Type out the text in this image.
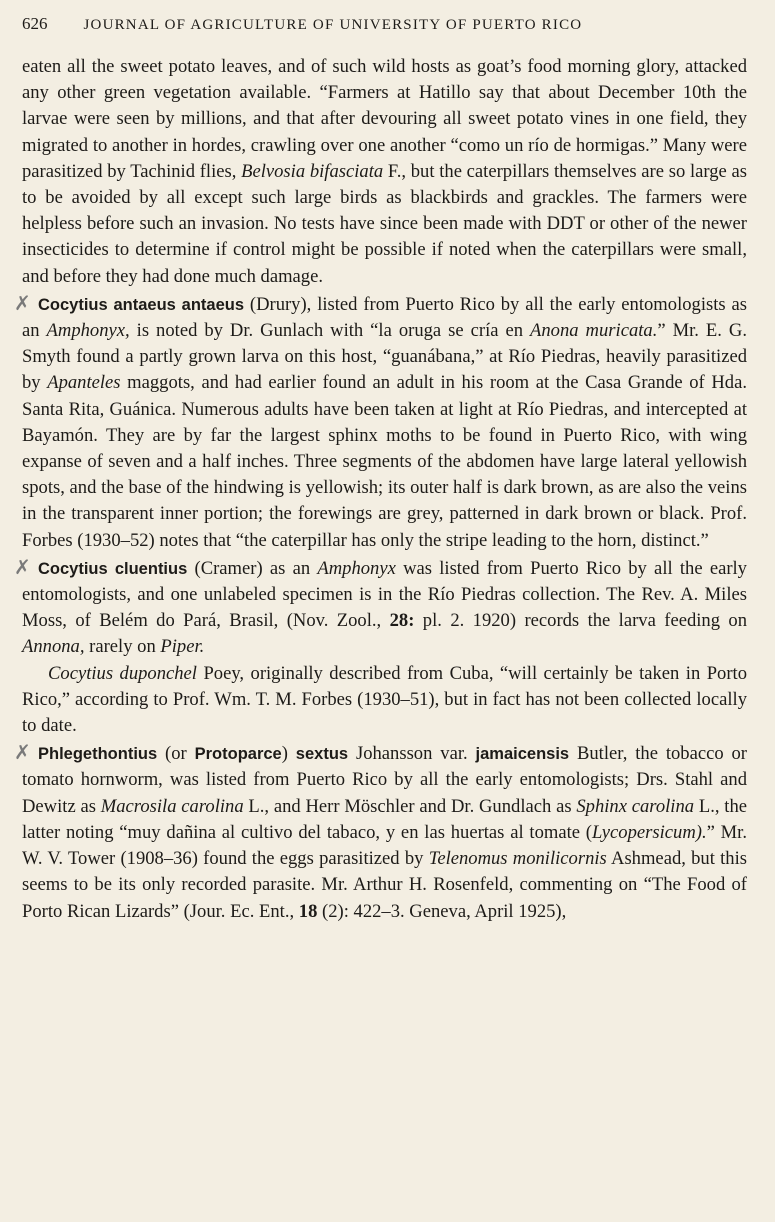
626 JOURNAL OF AGRICULTURE OF UNIVERSITY OF PUERTO RICO

eaten all the sweet potato leaves, and of such wild hosts as goat’s food morning glory, attacked any other green vegetation available. “Farmers at Hatillo say that about December 10th the larvae were seen by millions, and that after devouring all sweet potato vines in one field, they migrated to another in hordes, crawling over one another “como un río de hormigas.” Many were parasitized by Tachinid flies, Belvosia bifasciata F., but the caterpillars themselves are so large as to be avoided by all except such large birds as blackbirds and grackles. The farmers were helpless before such an invasion. No tests have since been made with DDT or other of the newer insecticides to determine if control might be possible if noted when the caterpillars were small, and before they had done much damage.

✗ Cocytius antaeus antaeus (Drury), listed from Puerto Rico by all the early entomologists as an Amphonyx, is noted by Dr. Gunlach with “la oruga se cría en Anona muricata.” Mr. E. G. Smyth found a partly grown larva on this host, “guanábana,” at Río Piedras, heavily parasitized by Apanteles maggots, and had earlier found an adult in his room at the Casa Grande of Hda. Santa Rita, Guánica. Numerous adults have been taken at light at Río Piedras, and intercepted at Bayamón. They are by far the largest sphinx moths to be found in Puerto Rico, with wing expanse of seven and a half inches. Three segments of the abdomen have large lateral yellowish spots, and the base of the hindwing is yellowish; its outer half is dark brown, as are also the veins in the transparent inner portion; the forewings are grey, patterned in dark brown or black. Prof. Forbes (1930–52) notes that “the caterpillar has only the stripe leading to the horn, distinct.”

✗ Cocytius cluentius (Cramer) as an Amphonyx was listed from Puerto Rico by all the early entomologists, and one unlabeled specimen is in the Río Piedras collection. The Rev. A. Miles Moss, of Belém do Pará, Brasil, (Nov. Zool., 28: pl. 2. 1920) records the larva feeding on Annona, rarely on Piper.

Cocytius duponchel Poey, originally described from Cuba, “will certainly be taken in Porto Rico,” according to Prof. Wm. T. M. Forbes (1930–51), but in fact has not been collected locally to date.

✗ Phlegethontius (or Protoparce) sextus Johansson var. jamaicensis Butler, the tobacco or tomato hornworm, was listed from Puerto Rico by all the early entomologists; Drs. Stahl and Dewitz as Macrosila carolina L., and Herr Möschler and Dr. Gundlach as Sphinx carolina L., the latter noting “muy dañina al cultivo del tabaco, y en las huertas al tomate (Lycopersicum).” Mr. W. V. Tower (1908–36) found the eggs parasitized by Telenomus monilicornis Ashmead, but this seems to be its only recorded parasite. Mr. Arthur H. Rosenfeld, commenting on “The Food of Porto Rican Lizards” (Jour. Ec. Ent., 18 (2): 422–3. Geneva, April 1925),
